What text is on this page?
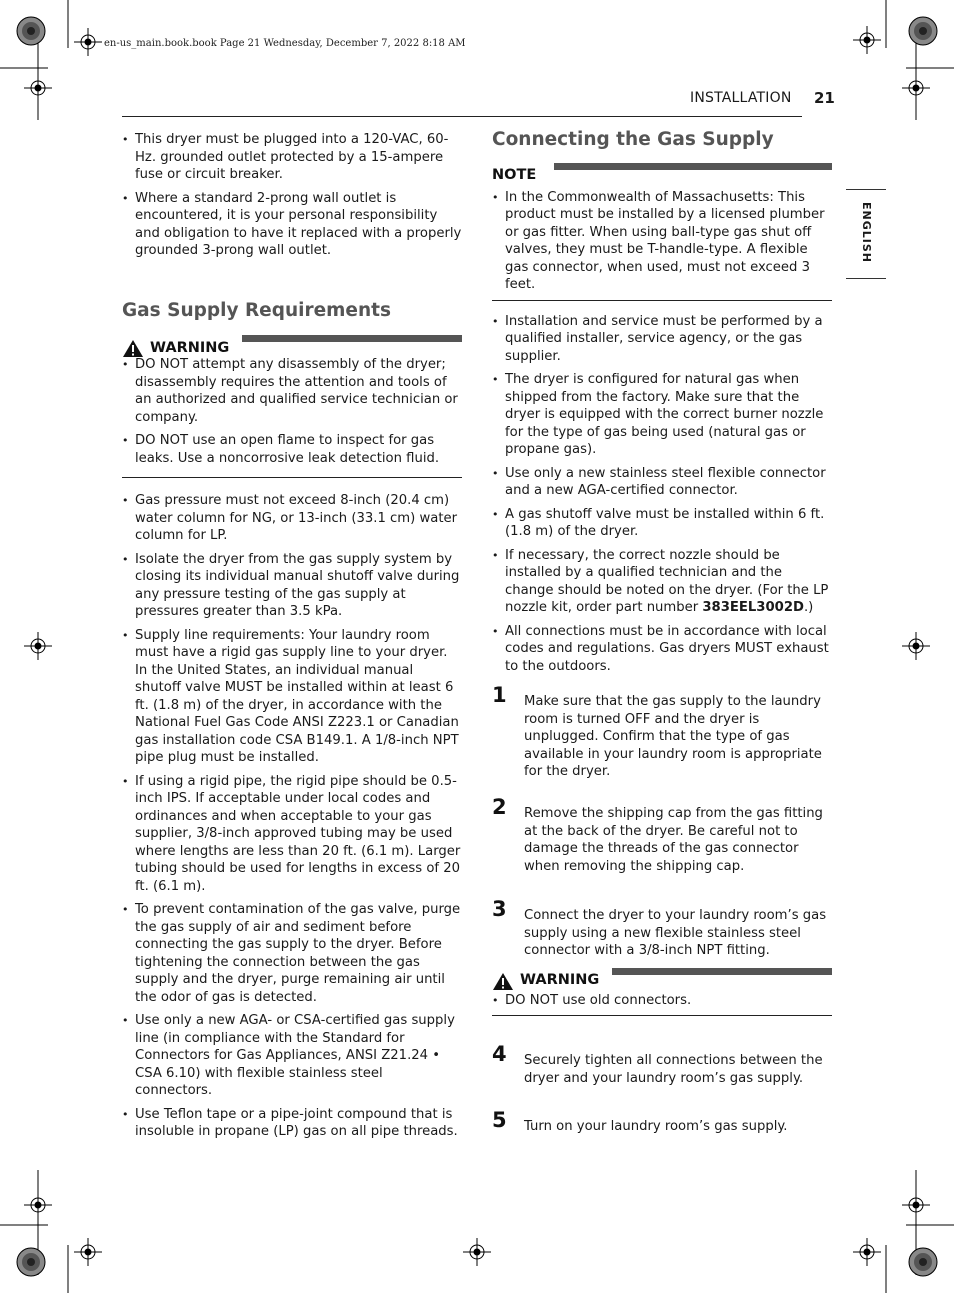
en-us_main.book.book Page 21 Wednesday, December 7, 2022 8:18 AM
INSTALLATION 21
ENGLISH
• This dryer must be plugged into a 120-VAC, 60-Hz. grounded outlet protected by a 15-ampere fuse or circuit breaker.
• Where a standard 2-prong wall outlet is encountered, it is your personal responsibility and obligation to have it replaced with a properly grounded 3-prong wall outlet.
Gas Supply Requirements
WARNING
• DO NOT attempt any disassembly of the dryer; disassembly requires the attention and tools of an authorized and qualified service technician or company.
• DO NOT use an open flame to inspect for gas leaks. Use a noncorrosive leak detection fluid.
• Gas pressure must not exceed 8-inch (20.4 cm) water column for NG, or 13-inch (33.1 cm) water column for LP.
• Isolate the dryer from the gas supply system by closing its individual manual shutoff valve during any pressure testing of the gas supply at pressures greater than 3.5 kPa.
• Supply line requirements: Your laundry room must have a rigid gas supply line to your dryer. In the United States, an individual manual shutoff valve MUST be installed within at least 6 ft. (1.8 m) of the dryer, in accordance with the National Fuel Gas Code ANSI Z223.1 or Canadian gas installation code CSA B149.1. A 1/8-inch NPT pipe plug must be installed.
• If using a rigid pipe, the rigid pipe should be 0.5-inch IPS. If acceptable under local codes and ordinances and when acceptable to your gas supplier, 3/8-inch approved tubing may be used where lengths are less than 20 ft. (6.1 m). Larger tubing should be used for lengths in excess of 20 ft. (6.1 m).
• To prevent contamination of the gas valve, purge the gas supply of air and sediment before connecting the gas supply to the dryer. Before tightening the connection between the gas supply and the dryer, purge remaining air until the odor of gas is detected.
• Use only a new AGA- or CSA-certified gas supply line (in compliance with the Standard for Connectors for Gas Appliances, ANSI Z21.24 • CSA 6.10) with flexible stainless steel connectors.
• Use Teflon tape or a pipe-joint compound that is insoluble in propane (LP) gas on all pipe threads.
Connecting the Gas Supply
NOTE
• In the Commonwealth of Massachusetts: This product must be installed by a licensed plumber or gas fitter. When using ball-type gas shut off valves, they must be T-handle-type. A flexible gas connector, when used, must not exceed 3 feet.
• Installation and service must be performed by a qualified installer, service agency, or the gas supplier.
• The dryer is configured for natural gas when shipped from the factory. Make sure that the dryer is equipped with the correct burner nozzle for the type of gas being used (natural gas or propane gas).
• Use only a new stainless steel flexible connector and a new AGA-certified connector.
• A gas shutoff valve must be installed within 6 ft. (1.8 m) of the dryer.
• If necessary, the correct nozzle should be installed by a qualified technician and the change should be noted on the dryer. (For the LP nozzle kit, order part number 383EEL3002D.)
• All connections must be in accordance with local codes and regulations. Gas dryers MUST exhaust to the outdoors.
1 Make sure that the gas supply to the laundry room is turned OFF and the dryer is unplugged. Confirm that the type of gas available in your laundry room is appropriate for the dryer.
2 Remove the shipping cap from the gas fitting at the back of the dryer. Be careful not to damage the threads of the gas connector when removing the shipping cap.
3 Connect the dryer to your laundry room’s gas supply using a new flexible stainless steel connector with a 3/8-inch NPT fitting.
WARNING
• DO NOT use old connectors.
4 Securely tighten all connections between the dryer and your laundry room’s gas supply.
5 Turn on your laundry room’s gas supply.
